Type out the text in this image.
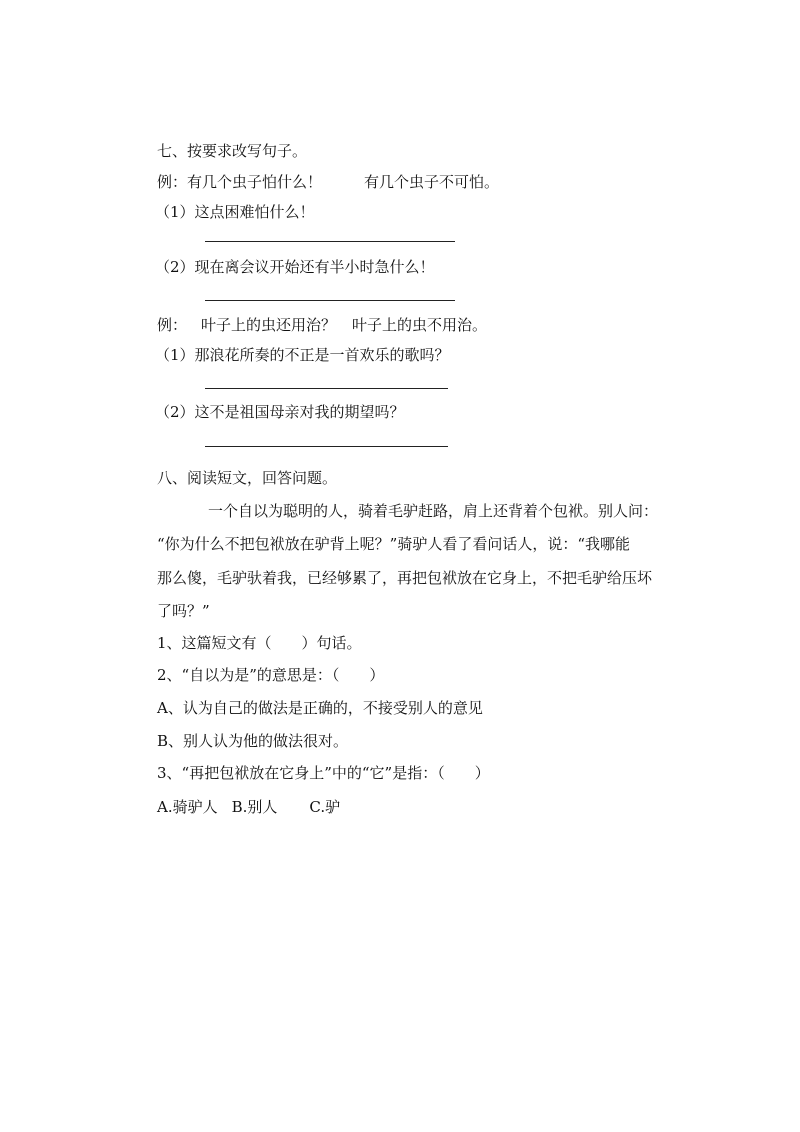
七、按要求改写句子。
例：有几个虫子怕什么！	有几个虫子不可怕。
（1）这点困难怕什么！
（2）现在离会议开始还有半小时急什么！
例： 叶子上的虫还用治？ 叶子上的虫不用治。
（1）那浪花所奏的不正是一首欢乐的歌吗？
（2）这不是祖国母亲对我的期望吗？
八、阅读短文，回答问题。
一个自以为聪明的人，骑着毛驴赶路，肩上还背着个包袱。别人问：
“你为什么不把包袱放在驴背上呢？”骑驴人看了看问话人，说：“我哪能
那么傻，毛驴驮着我，已经够累了，再把包袱放在它身上，不把毛驴给压坏
了吗？”
1、这篇短文有（　　）句话。
2、“自以为是”的意思是：（　　）
A、认为自己的做法是正确的，不接受别人的意见
B、别人认为他的做法很对。
3、“再把包袱放在它身上”中的“它”是指：（　　）
A.骑驴人 B.别人 C.驴
